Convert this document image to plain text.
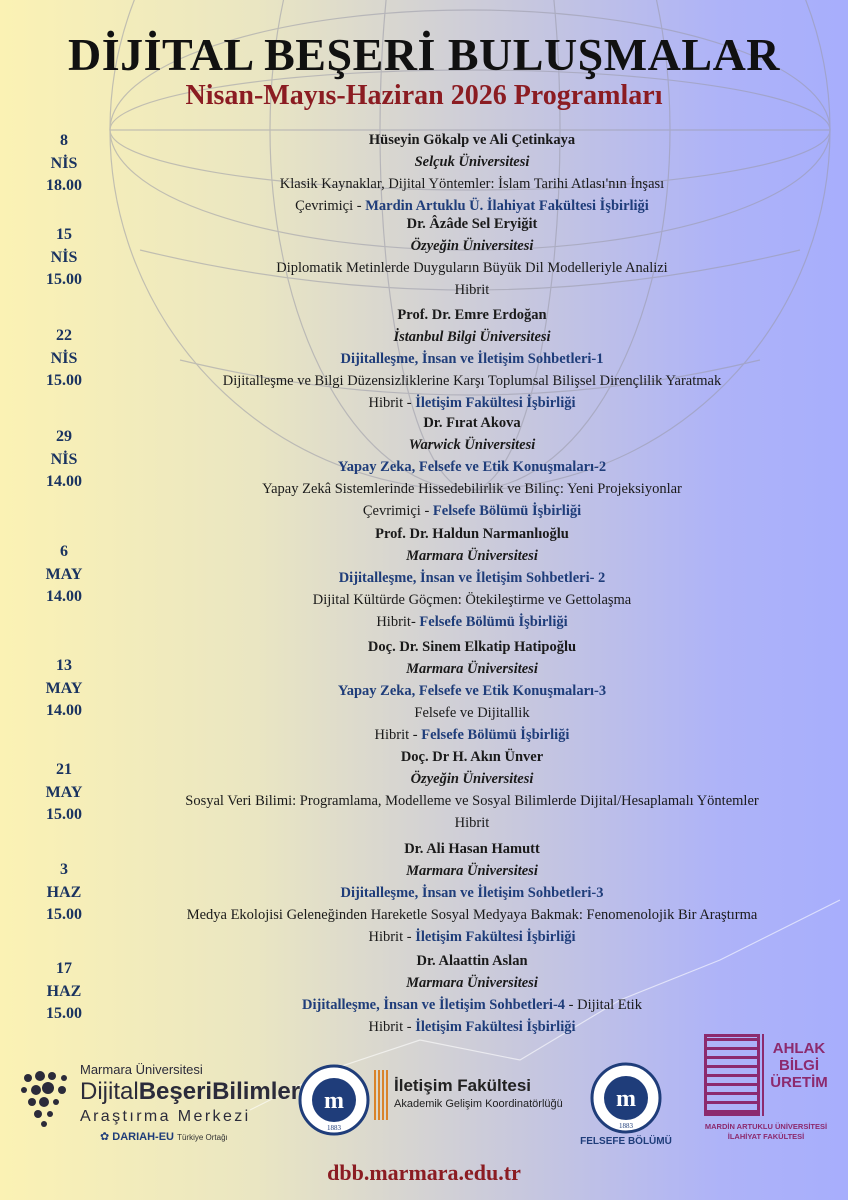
DİJİTAL BEŞERİ BULUŞMALAR
Nisan-Mayıs-Haziran 2026 Programları
8
NİS
18.00
Hüseyin Gökalp ve Ali Çetinkaya
Selçuk Üniversitesi
Klasik Kaynaklar, Dijital Yöntemler: İslam Tarihi Atlası'nın İnşası
Çevrimiçi - Mardin Artuklu Ü. İlahiyat Fakültesi İşbirliği
15
NİS
15.00
Dr. Âzâde Sel Eryiğit
Özyeğin Üniversitesi
Diplomatik Metinlerde Duyguların Büyük Dil Modelleriyle Analizi
Hibrit
22
NİS
15.00
Prof. Dr. Emre Erdoğan
İstanbul Bilgi Üniversitesi
Dijitalleşme, İnsan ve İletişim Sohbetleri-1
Dijitalleşme ve Bilgi Düzensizliklerine Karşı Toplumsal Bilişsel Dirençlilik Yaratmak
Hibrit - İletişim Fakültesi İşbirliği
29
NİS
14.00
Dr. Fırat Akova
Warwick Üniversitesi
Yapay Zeka, Felsefe ve Etik Konuşmaları-2
Yapay Zekâ Sistemlerinde Hissedebilirlik ve Bilinç: Yeni Projeksiyonlar
Çevrimiçi - Felsefe Bölümü İşbirliği
6
MAY
14.00
Prof. Dr. Haldun Narmanlıoğlu
Marmara Üniversitesi
Dijitalleşme, İnsan ve İletişim Sohbetleri- 2
Dijital Kültürde Göçmen: Ötekileştirme ve Gettolaşma
Hibrit- Felsefe Bölümü İşbirliği
13
MAY
14.00
Doç. Dr. Sinem Elkatip Hatipoğlu
Marmara Üniversitesi
Yapay Zeka, Felsefe ve Etik Konuşmaları-3
Felsefe ve Dijitallik
Hibrit - Felsefe Bölümü İşbirliği
21
MAY
15.00
Doç. Dr H. Akın Ünver
Özyeğin Üniversitesi
Sosyal Veri Bilimi: Programlama, Modelleme ve Sosyal Bilimlerde Dijital/Hesaplamalı Yöntemler
Hibrit
3
HAZ
15.00
Dr. Ali Hasan Hamutt
Marmara Üniversitesi
Dijitalleşme, İnsan ve İletişim Sohbetleri-3
Medya Ekolojisi Geleneğinden Hareketle Sosyal Medyaya Bakmak: Fenomenolojik Bir Araştırma
Hibrit - İletişim Fakültesi İşbirliği
17
HAZ
15.00
Dr. Alaattin Aslan
Marmara Üniversitesi
Dijitalleşme, İnsan ve İletişim Sohbetleri-4 - Dijital Etik
Hibrit - İletişim Fakültesi İşbirliği
Marmara Üniversitesi
DijitalBeşeriBilimler
Araştırma Merkezi
✿ DARIAH-EU Türkiye Ortağı
m
1883
İletişim Fakültesi
Akademik Gelişim Koordinatörlüğü m
1883
FELSEFE BÖLÜMÜ
AHLAK BİLGİ ÜRETİM
MARDİN ARTUKLU ÜNİVERSİTESİ
İLAHİYAT FAKÜLTESİ
dbb.marmara.edu.tr
